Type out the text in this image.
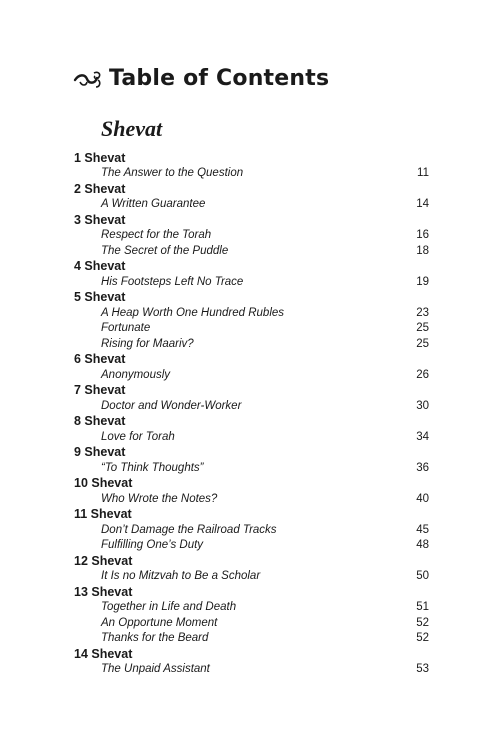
Table of Contents
Shevat
1 Shevat
The Answer to the Question	11
2 Shevat
A Written Guarantee	14
3 Shevat
Respect for the Torah	16
The Secret of the Puddle	18
4 Shevat
His Footsteps Left No Trace	19
5 Shevat
A Heap Worth One Hundred Rubles	23
Fortunate	25
Rising for Maariv?	25
6 Shevat
Anonymously	26
7 Shevat
Doctor and Wonder-Worker	30
8 Shevat
Love for Torah	34
9 Shevat
“To Think Thoughts”	36
10 Shevat
Who Wrote the Notes?	40
11 Shevat
Don’t Damage the Railroad Tracks	45
Fulfilling One’s Duty	48
12 Shevat
It Is no Mitzvah to Be a Scholar	50
13 Shevat
Together in Life and Death	51
An Opportune Moment	52
Thanks for the Beard	52
14 Shevat
The Unpaid Assistant	53
